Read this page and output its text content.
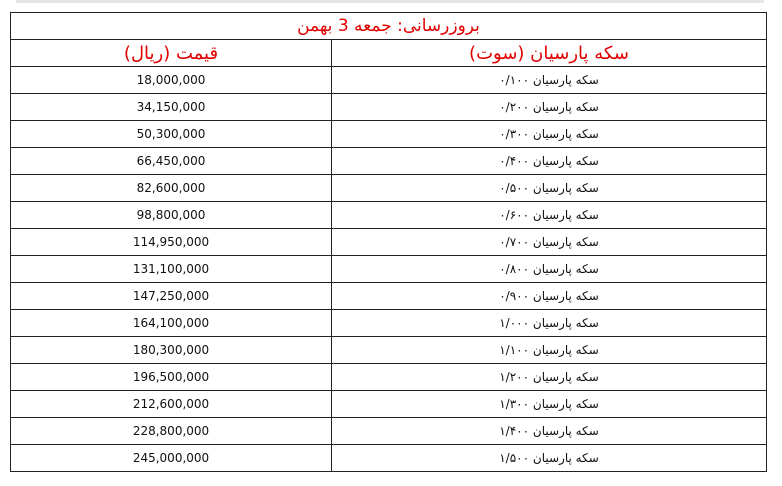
بروزرسانی: جمعه 3 بهمن	
سکه پارسیان (سوت)	قیمت (ریال)
سکه پارسیان ۰/۱۰۰	18,000,000
سکه پارسیان ۰/۲۰۰	34,150,000
سکه پارسیان ۰/۳۰۰	50,300,000
سکه پارسیان ۰/۴۰۰	66,450,000
سکه پارسیان ۰/۵۰۰	82,600,000
سکه پارسیان ۰/۶۰۰	98,800,000
سکه پارسیان ۰/۷۰۰	114,950,000
سکه پارسیان ۰/۸۰۰	131,100,000
سکه پارسیان ۰/۹۰۰	147,250,000
سکه پارسیان ۱/۰۰۰	164,100,000
سکه پارسیان ۱/۱۰۰	180,300,000
سکه پارسیان ۱/۲۰۰	196,500,000
سکه پارسیان ۱/۳۰۰	212,600,000
سکه پارسیان ۱/۴۰۰	228,800,000
سکه پارسیان ۱/۵۰۰	245,000,000
